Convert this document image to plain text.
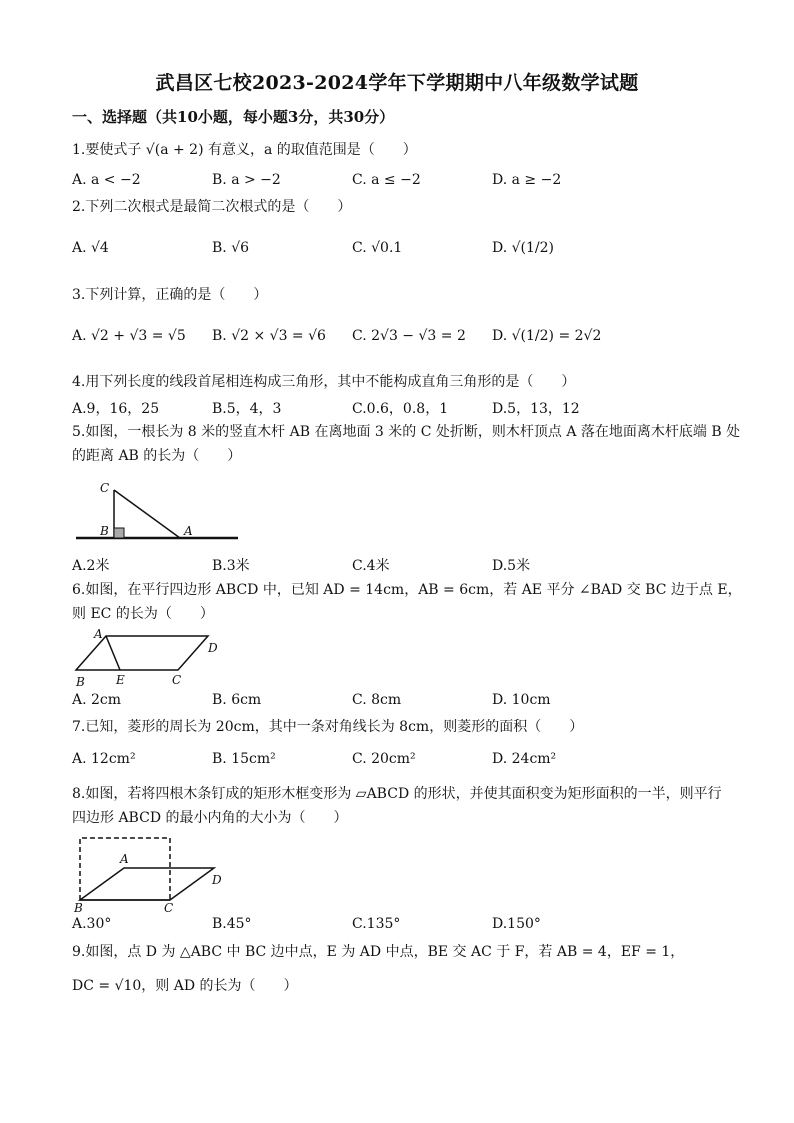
武昌区七校2023-2024学年下学期期中八年级数学试题
一、选择题（共10小题，每小题3分，共30分）
1.要使式子 √(a + 2) 有意义，a 的取值范围是（　　）
A. a < −2	B. a > −2	C. a ≤ −2	D. a ≥ −2
2.下列二次根式是最简二次根式的是（　　）
A. √4	B. √6	C. √0.1	D. √(1/2)
3.下列计算，正确的是（　　）
A. √2 + √3 = √5 B. √2 × √3 = √6 C. 2√3 − √3 = 2 D. √(1/2) = 2√2
4.用下列长度的线段首尾相连构成三角形，其中不能构成直角三角形的是（　　）
A.9，16，25	B.5，4，3	C.0.6，0.8，1	D.5，13，12
5.如图，一根长为 8 米的竖直木杆 AB 在离地面 3 米的 C 处折断，则木杆顶点 A 落在地面离木杆底端 B 处
的距离 AB 的长为（　　）
C
B	A
A.2米	B.3米	C.4米	D.5米
6.如图，在平行四边形 ABCD 中，已知 AD = 14cm，AB = 6cm，若 AE 平分 ∠BAD 交 BC 边于点 E，
则 EC 的长为（　　）
A
D
B	E	C
A. 2cm	B. 6cm	C. 8cm	D. 10cm
7.已知，菱形的周长为 20cm，其中一条对角线长为 8cm，则菱形的面积（　　）
A. 12cm²	B. 15cm²	C. 20cm²	D. 24cm²
8.如图，若将四根木条钉成的矩形木框变形为 ▱ABCD 的形状，并使其面积变为矩形面积的一半，则平行
四边形 ABCD 的最小内角的大小为（　　）
A
D
B	C
A.30°	B.45°	C.135°	D.150°
9.如图，点 D 为 △ABC 中 BC 边中点，E 为 AD 中点，BE 交 AC 于 F，若 AB = 4，EF = 1，
DC = √10，则 AD 的长为（　　）
